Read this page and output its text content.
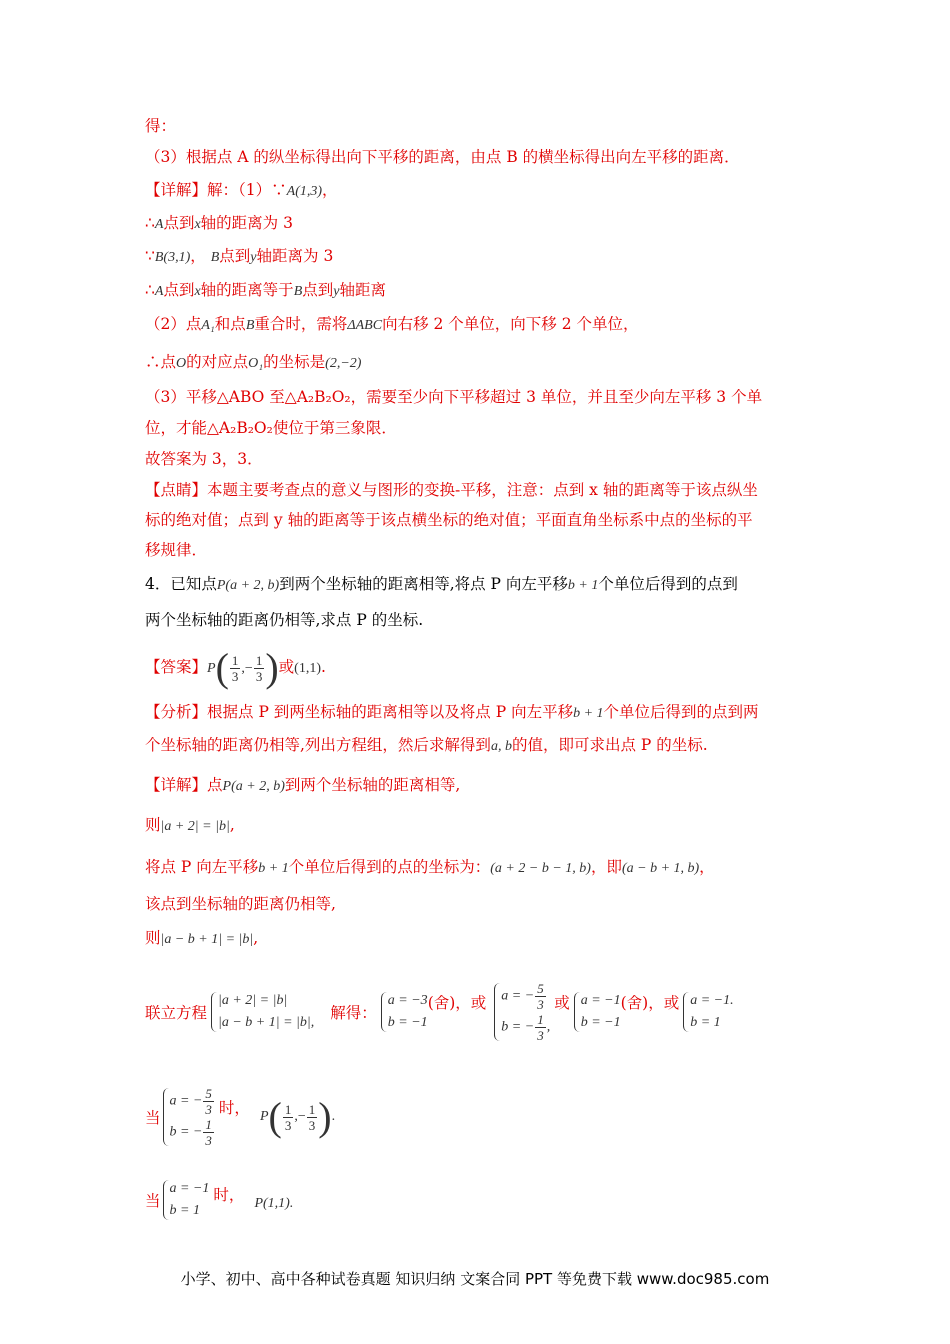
得：
（3）根据点 A 的纵坐标得出向下平移的距离，由点 B 的横坐标得出向左平移的距离．
【详解】解：（1）∵A(1,3)，
∴A点到x轴的距离为 3
∵B(3,1)， B点到y轴距离为 3
∴A点到x轴的距离等于B点到y轴距离
（2）点A₁和点B重合时，需将ΔABC向右移 2 个单位，向下移 2 个单位，
∴点O的对应点O₁的坐标是(2,−2)
（3）平移△ABO 至△A₂B₂O₂，需要至少向下平移超过 3 单位，并且至少向左平移 3 个单
位，才能△A₂B₂O₂使位于第三象限．
故答案为 3，3．
【点睛】本题主要考查点的意义与图形的变换-平移，注意：点到 x 轴的距离等于该点纵坐
标的绝对值；点到 y 轴的距离等于该点横坐标的绝对值；平面直角坐标系中点的坐标的平
移规律．
4．已知点P(a + 2, b)到两个坐标轴的距离相等,将点 P 向左平移b + 1个单位后得到的点到
两个坐标轴的距离仍相等,求点 P 的坐标.
【答案】$P( \frac{1}{3}$ ,− $\frac{1}{3}$ )或(1,1).
【分析】根据点 P 到两坐标轴的距离相等以及将点 P 向左平移b + 1个单位后得到的点到两
个坐标轴的距离仍相等,列出方程组，然后求解得到a, b的值，即可求出点 P 的坐标.
【详解】点P(a + 2, b)到两个坐标轴的距离相等,
则|a + 2| = |b|,
将点 P 向左平移b + 1个单位后得到的点的坐标为：(a + 2 − b − 1, b)，即(a − b + 1, b)，
该点到坐标轴的距离仍相等,
则|a − b + 1| = |b|,
联立方程
|a + 2| = |b|
|a − b + 1| = |b|,
解得：
a = −3
b = −1
(舍)，或 a = − $\frac{5}{3}$
b = − $\frac{1}{3}$ ,
或 a = −1
b = −1
(舍)，或 a = −1.
b = 1
当
a = − $\frac{5}{3}$
b = − $\frac{1}{3}$
时， P ( $\frac{1}{3}$ ,− $\frac{1}{3}$ ) .
当
a = −1
b = 1
时， P(1,1).
小学、初中、高中各种试卷真题 知识归纳 文案合同 PPT 等免费下载 www.doc985.com
